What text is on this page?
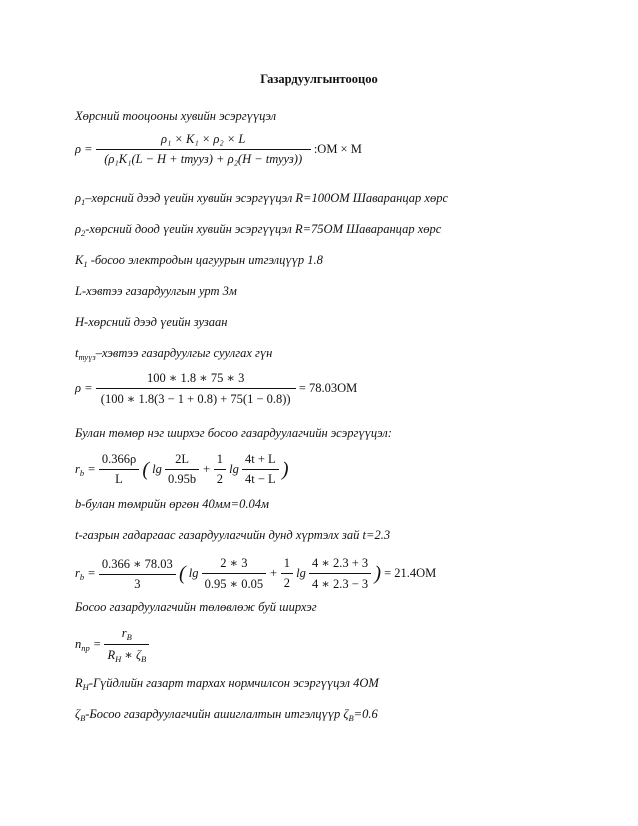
Газардуулгынтооцоо
Хөрсний тооцооны хувийн эсэргүүцэл
$\rho = \frac{\text{ρ₁ × K₁ × ρ₂ × L}}{\text{(ρ₁K₁(L − H + tтууз) + ρ₂(H − tтууз))}}$ :OM × M
$\rho_1$–хөрсний дээд үеийн хувийн эсэргүүцэл R=100OM Шаваранцар хөрс
$\rho_2$-хөрсний доод үеийн хувийн эсэргүүцэл R=75OM Шаваранцар хөрс
$K_1$ -босоо электродын цагуурын итгэлцүүр 1.8
L-хэвтээ газардуулгын урт 3м
H-хөрсний дээд үеийн зузаан
$t_{туүз}$–хэвтээ газардуулгыг суулгах гүн
$\rho = \frac{100 ∗ 1.8 ∗ 75 ∗ 3}{(100 ∗ 1.8(3 - 1 + 0.8) + 75(1 - 0.8))} = 78.03OM$
Булан төмөр нэг ширхэг босоо газардуулагчийн эсэргүүцэл:
$r_b = \frac{0.366\rho}{L}$ ( $\lg \frac{2L}{0.95b} + \frac{1}{2}$ $\lg \frac{4t + L}{4t - L}$ )
b-булан төмрийн өргөн 40мм=0.04м
t-газрын гадаргаас газардуулагчийн дунд хүртэлх зай t=2.3
$r_b = \frac{0.366 ∗ 78.03}{3}$ ( $\lg \frac{2 ∗ 3}{0.95 ∗ 0.05} + \frac{1}{2}$ $\lg \frac{4 ∗ 2.3 + 3}{4 ∗ 2.3 - 3}$ ) = 21.4OM
Босоо газардуулагчийн төлөвлөж буй ширхэг
$n_{пр} = \frac{r_B}{R_H ∗ \zeta_B}$
$R_H$-Гүйдлийн газарт тархах нормчилсон эсэргүүцэл 4OM
$\zeta_B$-Босоо газардуулагчийн ашиглалтын итгэлцүүр $\zeta_B=0.6$
